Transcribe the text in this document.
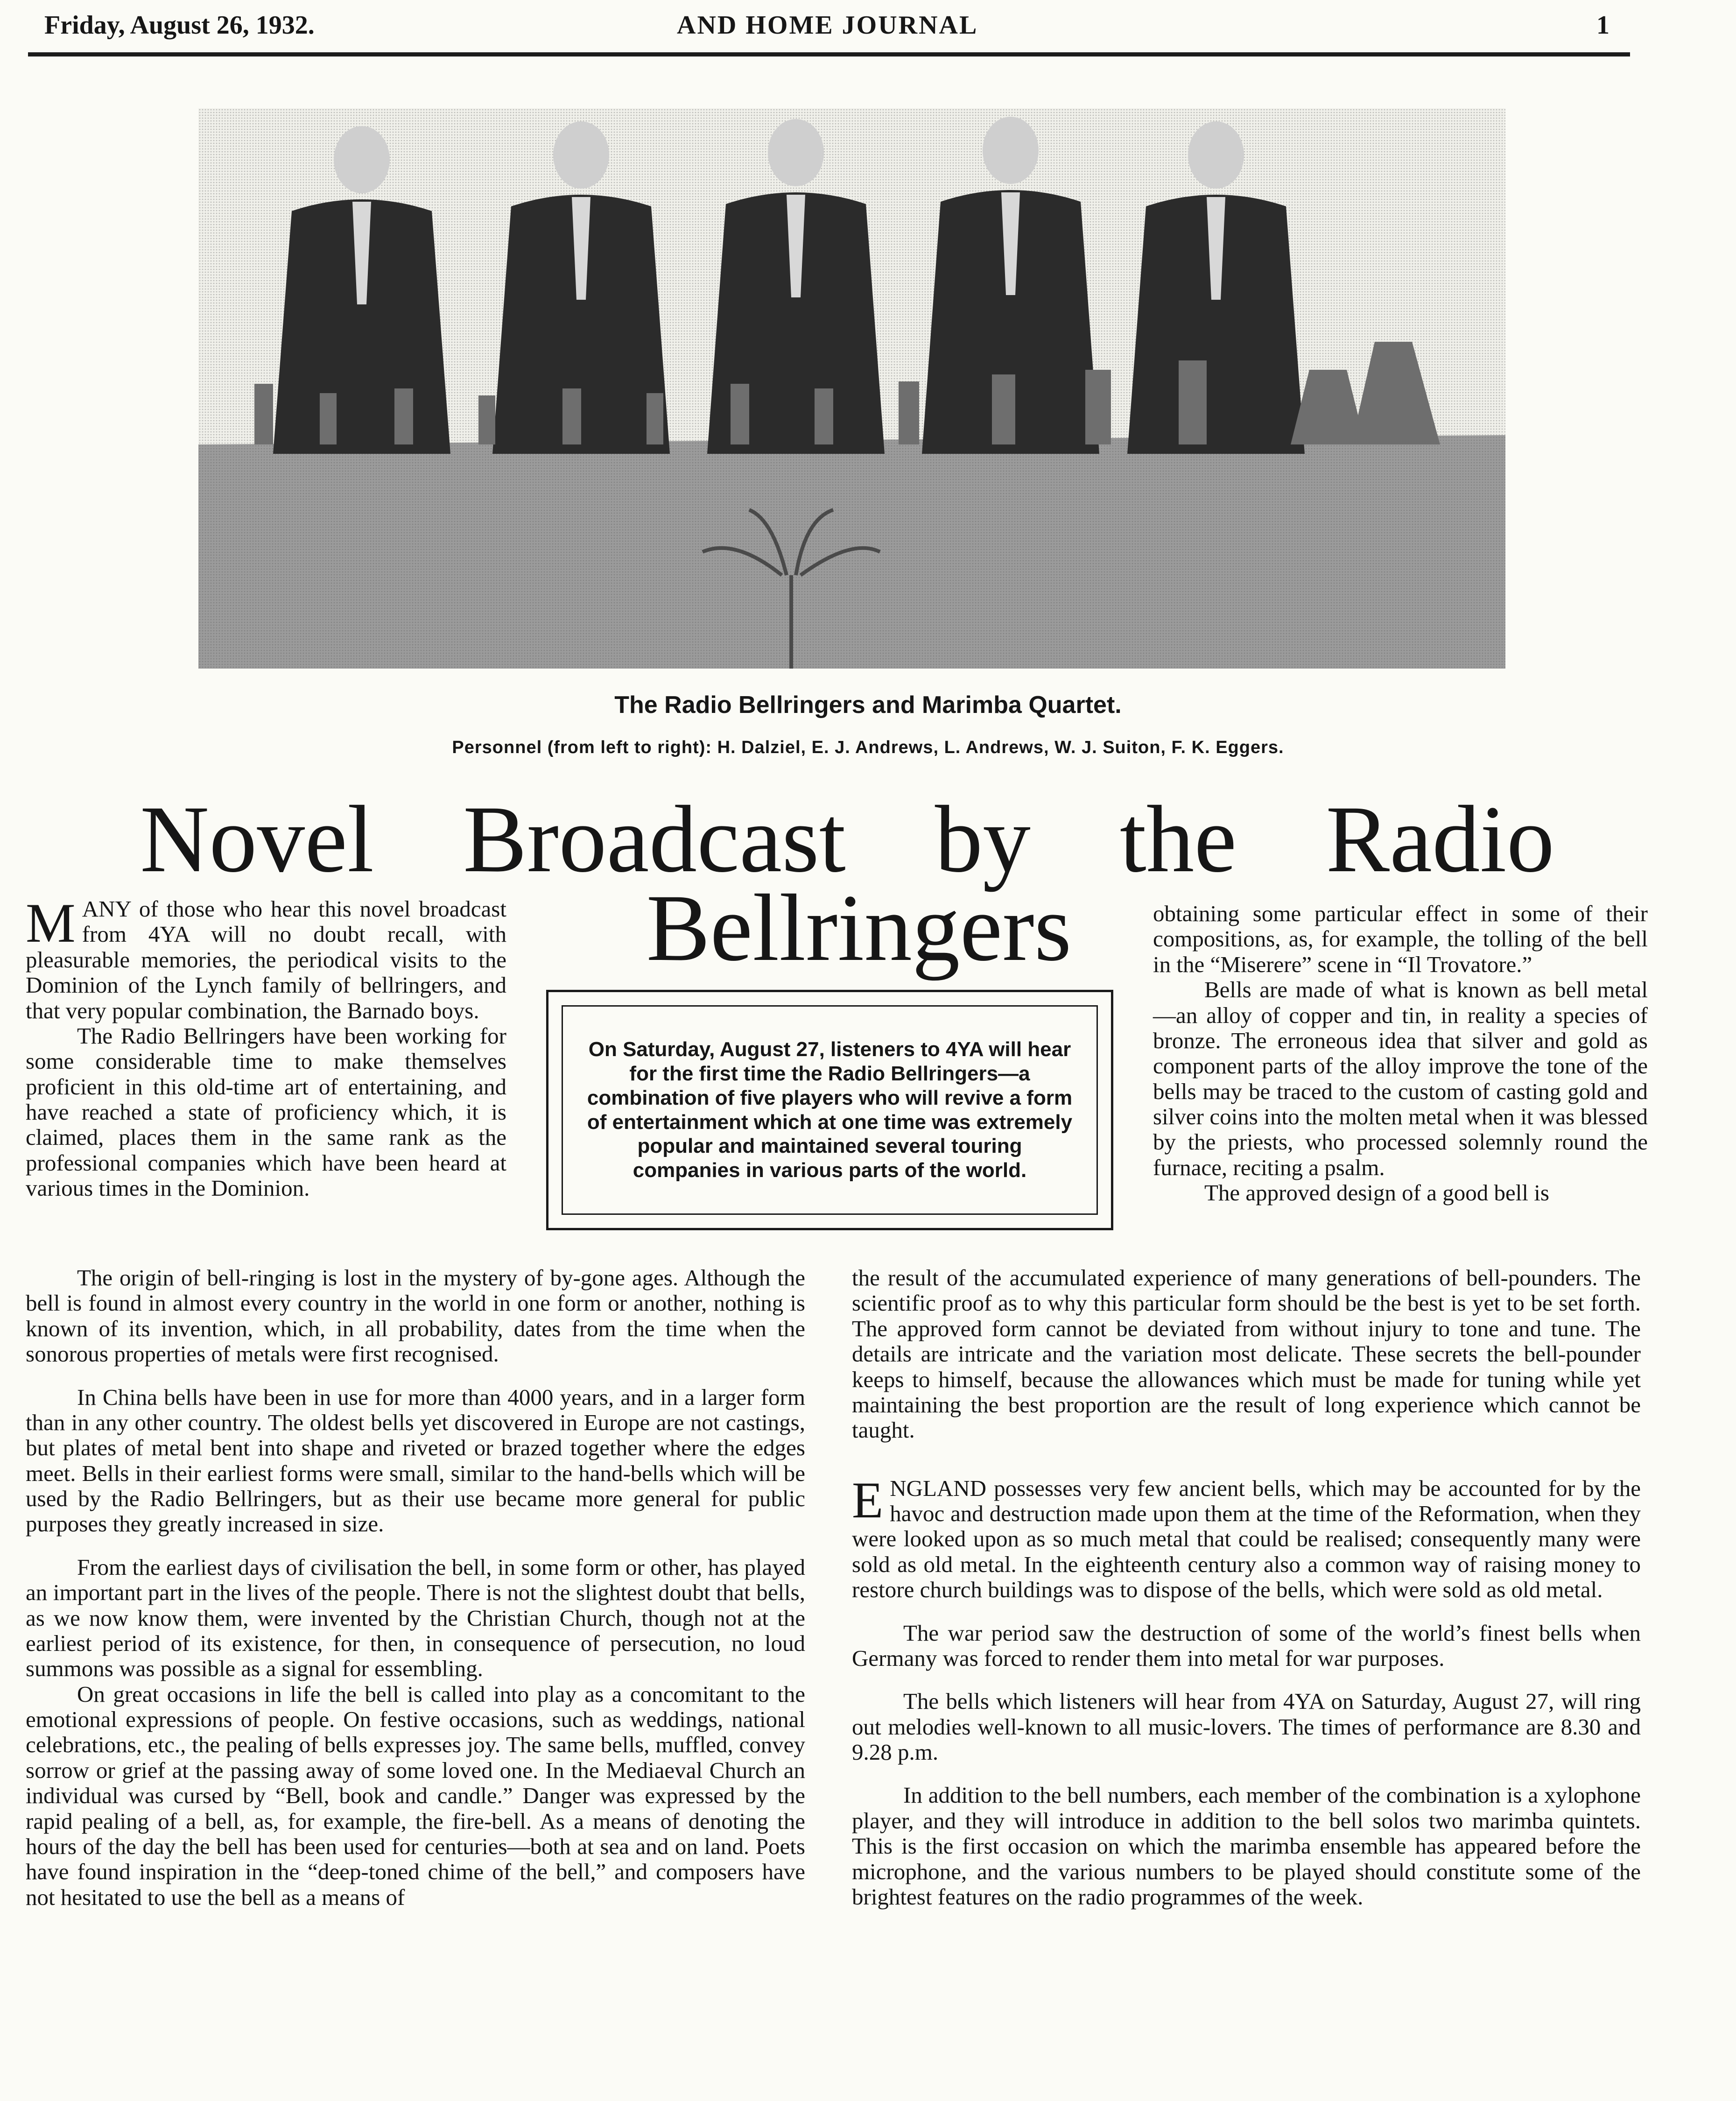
Friday, August 26, 1932.	AND HOME JOURNAL	1
The Radio Bellringers and Marimba Quartet.
Personnel (from left to right): H. Dalziel, E. J. Andrews, L. Andrews, W. J. Suiton, F. K. Eggers.
Novel Broadcast by the Radio
Bellringers

MANY of those who hear this novel broadcast from 4YA will no doubt recall, with pleasurable memories, the periodical visits to the Dominion of the Lynch family of bellringers, and that very popular combination, the Barnado boys.

The Radio Bellringers have been working for some considerable time to make themselves proficient in this old-time art of entertaining, and have reached a state of proficiency which, it is claimed, places them in the same rank as the professional companies which have been heard at various times in the Dominion.

On Saturday, August 27, listeners to 4YA will hear for the first time the Radio Bellringers—a combination of five players who will revive a form of entertainment which at one time was extremely popular and maintained several touring companies in various parts of the world.

obtaining some particular effect in some of their compositions, as, for example, the tolling of the bell in the “Miserere” scene in “Il Trovatore.”

Bells are made of what is known as bell metal—an alloy of copper and tin, in reality a species of bronze. The erroneous idea that silver and gold as component parts of the alloy improve the tone of the bells may be traced to the custom of casting gold and silver coins into the molten metal when it was blessed by the priests, who processed solemnly round the furnace, reciting a psalm.

The approved design of a good bell is

The origin of bell-ringing is lost in the mystery of by-gone ages. Although the bell is found in almost every country in the world in one form or another, nothing is known of its invention, which, in all probability, dates from the time when the sonorous properties of metals were first recognised.

In China bells have been in use for more than 4000 years, and in a larger form than in any other country. The oldest bells yet discovered in Europe are not castings, but plates of metal bent into shape and riveted or brazed together where the edges meet. Bells in their earliest forms were small, similar to the hand-bells which will be used by the Radio Bellringers, but as their use became more general for public purposes they greatly increased in size.

From the earliest days of civilisation the bell, in some form or other, has played an important part in the lives of the people. There is not the slightest doubt that bells, as we now know them, were invented by the Christian Church, though not at the earliest period of its existence, for then, in consequence of persecution, no loud summons was possible as a signal for essembling.

On great occasions in life the bell is called into play as a concomitant to the emotional expressions of people. On festive occasions, such as weddings, national celebrations, etc., the pealing of bells expresses joy. The same bells, muffled, convey sorrow or grief at the passing away of some loved one. In the Mediaeval Church an individual was cursed by “Bell, book and candle.” Danger was expressed by the rapid pealing of a bell, as, for example, the fire-bell. As a means of denoting the hours of the day the bell has been used for centuries—both at sea and on land. Poets have found inspiration in the “deep-toned chime of the bell,” and composers have not hesitated to use the bell as a means of

the result of the accumulated experience of many generations of bell-pounders. The scientific proof as to why this particular form should be the best is yet to be set forth. The approved form cannot be deviated from without injury to tone and tune. The details are intricate and the variation most delicate. These secrets the bell-pounder keeps to himself, because the allowances which must be made for tuning while yet maintaining the best proportion are the result of long experience which cannot be taught.

ENGLAND possesses very few ancient bells, which may be accounted for by the havoc and destruction made upon them at the time of the Reformation, when they were looked upon as so much metal that could be realised; consequently many were sold as old metal. In the eighteenth century also a common way of raising money to restore church buildings was to dispose of the bells, which were sold as old metal.

The war period saw the destruction of some of the world’s finest bells when Germany was forced to render them into metal for war purposes.

The bells which listeners will hear from 4YA on Saturday, August 27, will ring out melodies well-known to all music-lovers. The times of performance are 8.30 and 9.28 p.m.

In addition to the bell numbers, each member of the combination is a xylophone player, and they will introduce in addition to the bell solos two marimba quintets. This is the first occasion on which the marimba ensemble has appeared before the microphone, and the various numbers to be played should constitute some of the brightest features on the radio programmes of the week.
